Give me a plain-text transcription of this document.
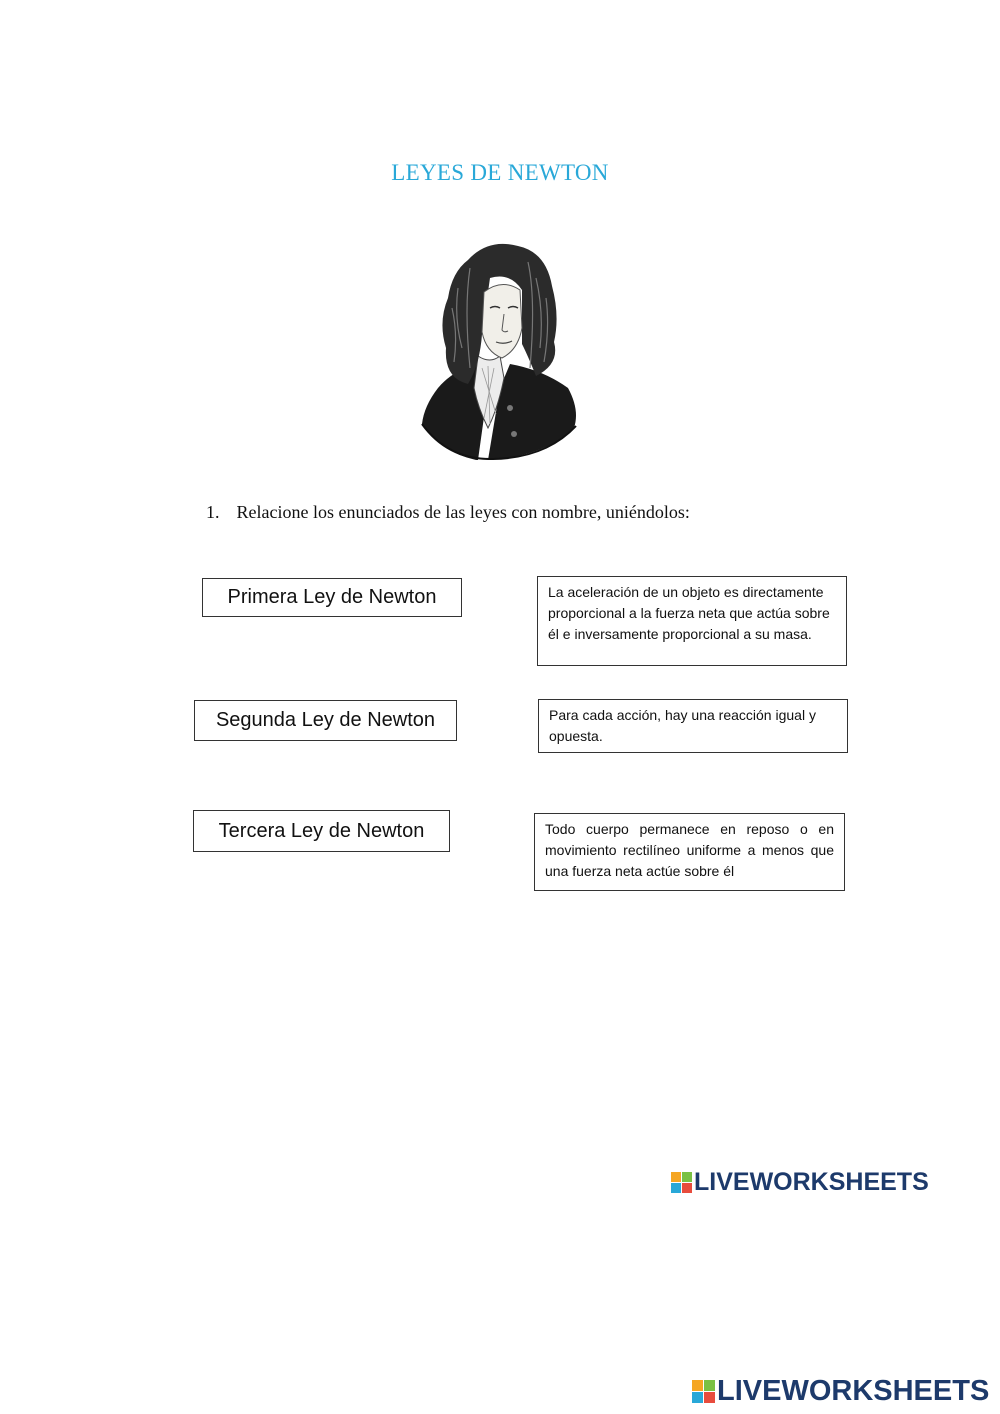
LEYES DE NEWTON
1. Relacione los enunciados de las leyes con nombre, uniéndolos:
Primera Ley de Newton
Segunda Ley de Newton
Tercera Ley de Newton
La aceleración de un objeto es directamente proporcional a la fuerza neta que actúa sobre él e inversamente proporcional a su masa.
Para cada acción, hay una reacción igual y opuesta.
Todo cuerpo permanece en reposo o en movimiento rectilíneo uniforme a menos que una fuerza neta actúe sobre él
LIVEWORKSHEETS
LIVEWORKSHEETS
